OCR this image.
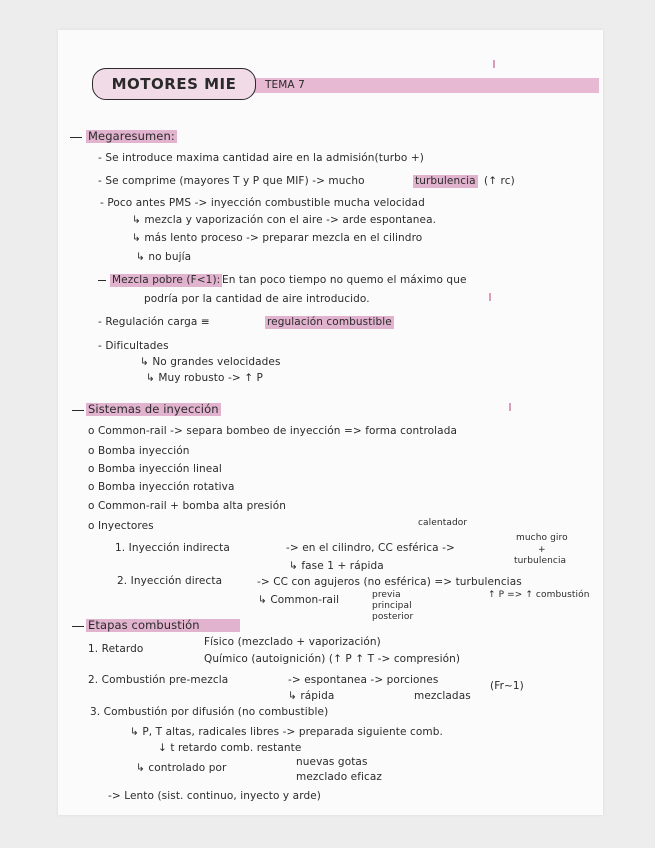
MOTORES MIE	TEMA 7
Megaresumen:
- Se introduce maxima cantidad aire en la admisión(turbo +)
- Se comprime (mayores T y P que MIF) -> mucho	turbulencia (↑ rc)
- Poco antes PMS -> inyección combustible mucha velocidad
↳ mezcla y vaporización con el aire -> arde espontanea.
↳ más lento proceso -> preparar mezcla en el cilindro
↳ no bujía
Mezcla pobre (F<1): En tan poco tiempo no quemo el máximo que
podría por la cantidad de aire introducido.
- Regulación carga ≡	regulación combustible
- Dificultades
↳ No grandes velocidades
↳ Muy robusto -> ↑ P
Sistemas de inyección
o Common-rail -> separa bombeo de inyección => forma controlada
o Bomba inyección
o Bomba inyección lineal
o Bomba inyección rotativa
o Common-rail + bomba alta presión
o Inyectores	calentador
1. Inyección indirecta	-> en el cilindro, CC esférica ->
mucho giro
+
turbulencia
↳ fase 1 + rápida
2. Inyección directa	-> CC con agujeros (no esférica) => turbulencias
↑ P => ↑ combustión
↳ Common-rail	previa
principal
posterior
Etapas combustión
1. Retardo
Físico (mezclado + vaporización)
Químico (autoignición) (↑ P ↑ T -> compresión)
2. Combustión pre-mezcla	-> espontanea -> porciones	(Fr~1)
↳ rápida	mezcladas
3. Combustión por difusión (no combustible)
↳ P, T altas, radicales libres -> preparada siguiente comb.
↓ t retardo comb. restante
↳ controlado por	nuevas gotas
mezclado eficaz
-> Lento (sist. continuo, inyecto y arde)
